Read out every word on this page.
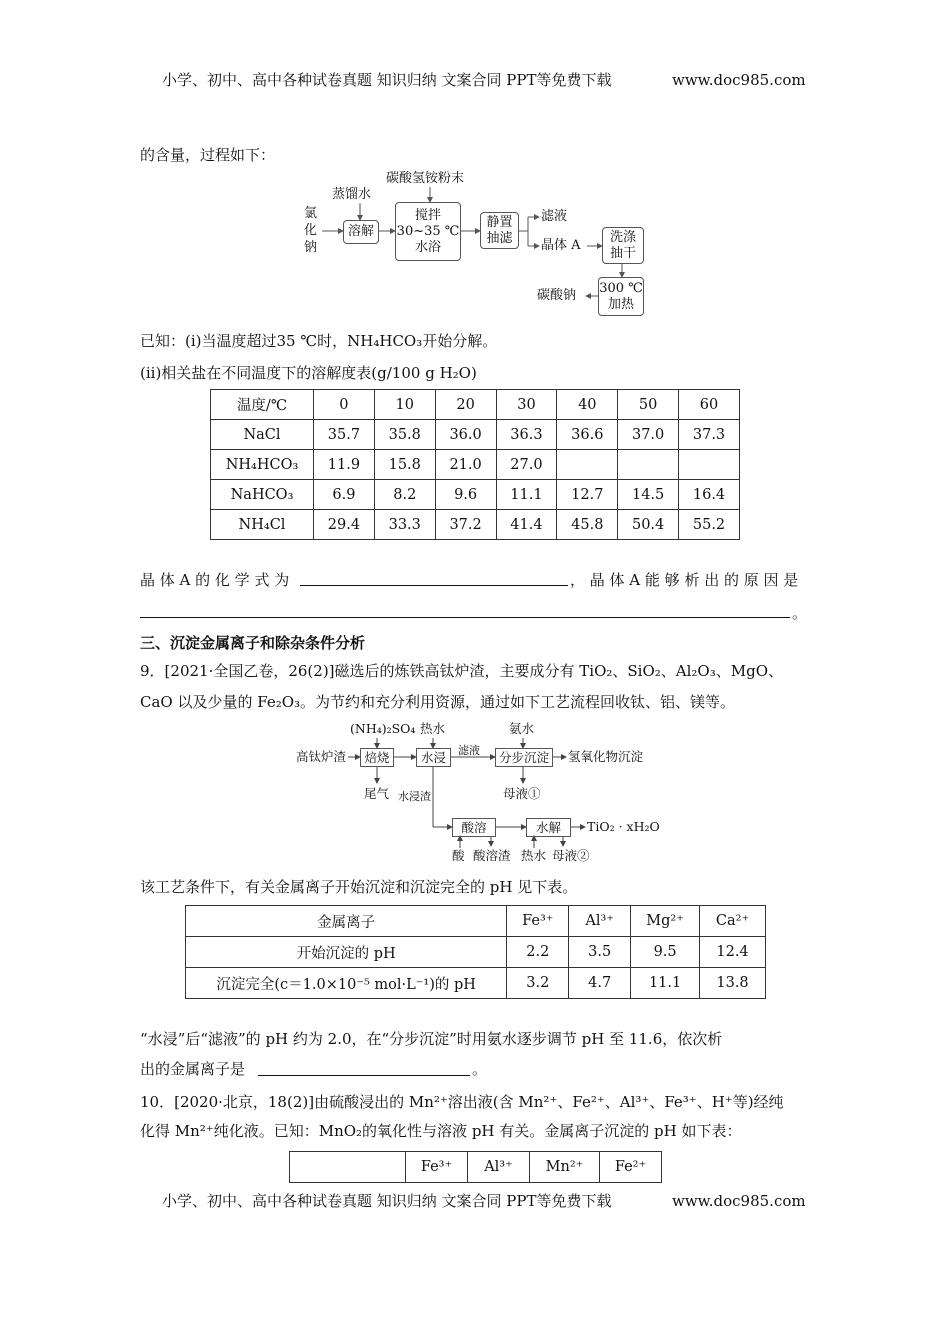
小学、初中、高中各种试卷真题 知识归纳 文案合同 PPT等免费下载	www.doc985.com
的含量，过程如下：
氯
化
钠
蒸馏水
碳酸氢铵粉末
溶解
搅拌
30~35 ℃
水浴
静置
抽滤
滤液
晶体 A
洗涤
抽干
300 ℃
加热
碳酸钠
已知：(i)当温度超过35 ℃时，NH₄HCO₃开始分解。
(ii)相关盐在不同温度下的溶解度表(g/100 g H₂O)
温度/℃	0	10	20	30	40	50	60
NaCl	35.7	35.8	36.0	36.3	36.6	37.0	37.3
NH₄HCO₃	11.9	15.8	21.0	27.0			
NaHCO₃	6.9	8.2	9.6	11.1	12.7	14.5	16.4
NH₄Cl	29.4	33.3	37.2	41.4	45.8	50.4	55.2
晶 体 A 的 化 学 式 为	， 晶 体 A 能 够 析 出 的 原 因 是
。
三、沉淀金属离子和除杂条件分析
9．[2021·全国乙卷，26(2)]磁选后的炼铁高钛炉渣，主要成分有 TiO₂、SiO₂、Al₂O₃、MgO、
CaO 以及少量的 Fe₂O₃。为节约和充分利用资源，通过如下工艺流程回收钛、铝、镁等。
(NH₄)₂SO₄ 热水	氨水
高钛炉渣	焙烧	水浸	滤液	分步沉淀	氢氧化物沉淀
尾气 水浸渣	母液①
酸溶	水解	TiO₂ · xH₂O
酸 酸溶渣 热水 母液②
该工艺条件下，有关金属离子开始沉淀和沉淀完全的 pH 见下表。
金属离子	Fe³⁺	Al³⁺	Mg²⁺	Ca²⁺
开始沉淀的 pH	2.2	3.5	9.5	12.4
沉淀完全(c＝1.0×10⁻⁵ mol·L⁻¹)的 pH	3.2	4.7	11.1	13.8
“水浸”后“滤液”的 pH 约为 2.0，在“分步沉淀”时用氨水逐步调节 pH 至 11.6，依次析
出的金属离子是	。
10．[2020·北京，18(2)]由硫酸浸出的 Mn²⁺溶出液(含 Mn²⁺、Fe²⁺、Al³⁺、Fe³⁺、H⁺等)经纯
化得 Mn²⁺纯化液。已知：MnO₂的氧化性与溶液 pH 有关。金属离子沉淀的 pH 如下表：
	Fe³⁺	Al³⁺	Mn²⁺	Fe²⁺
小学、初中、高中各种试卷真题 知识归纳 文案合同 PPT等免费下载	www.doc985.com
